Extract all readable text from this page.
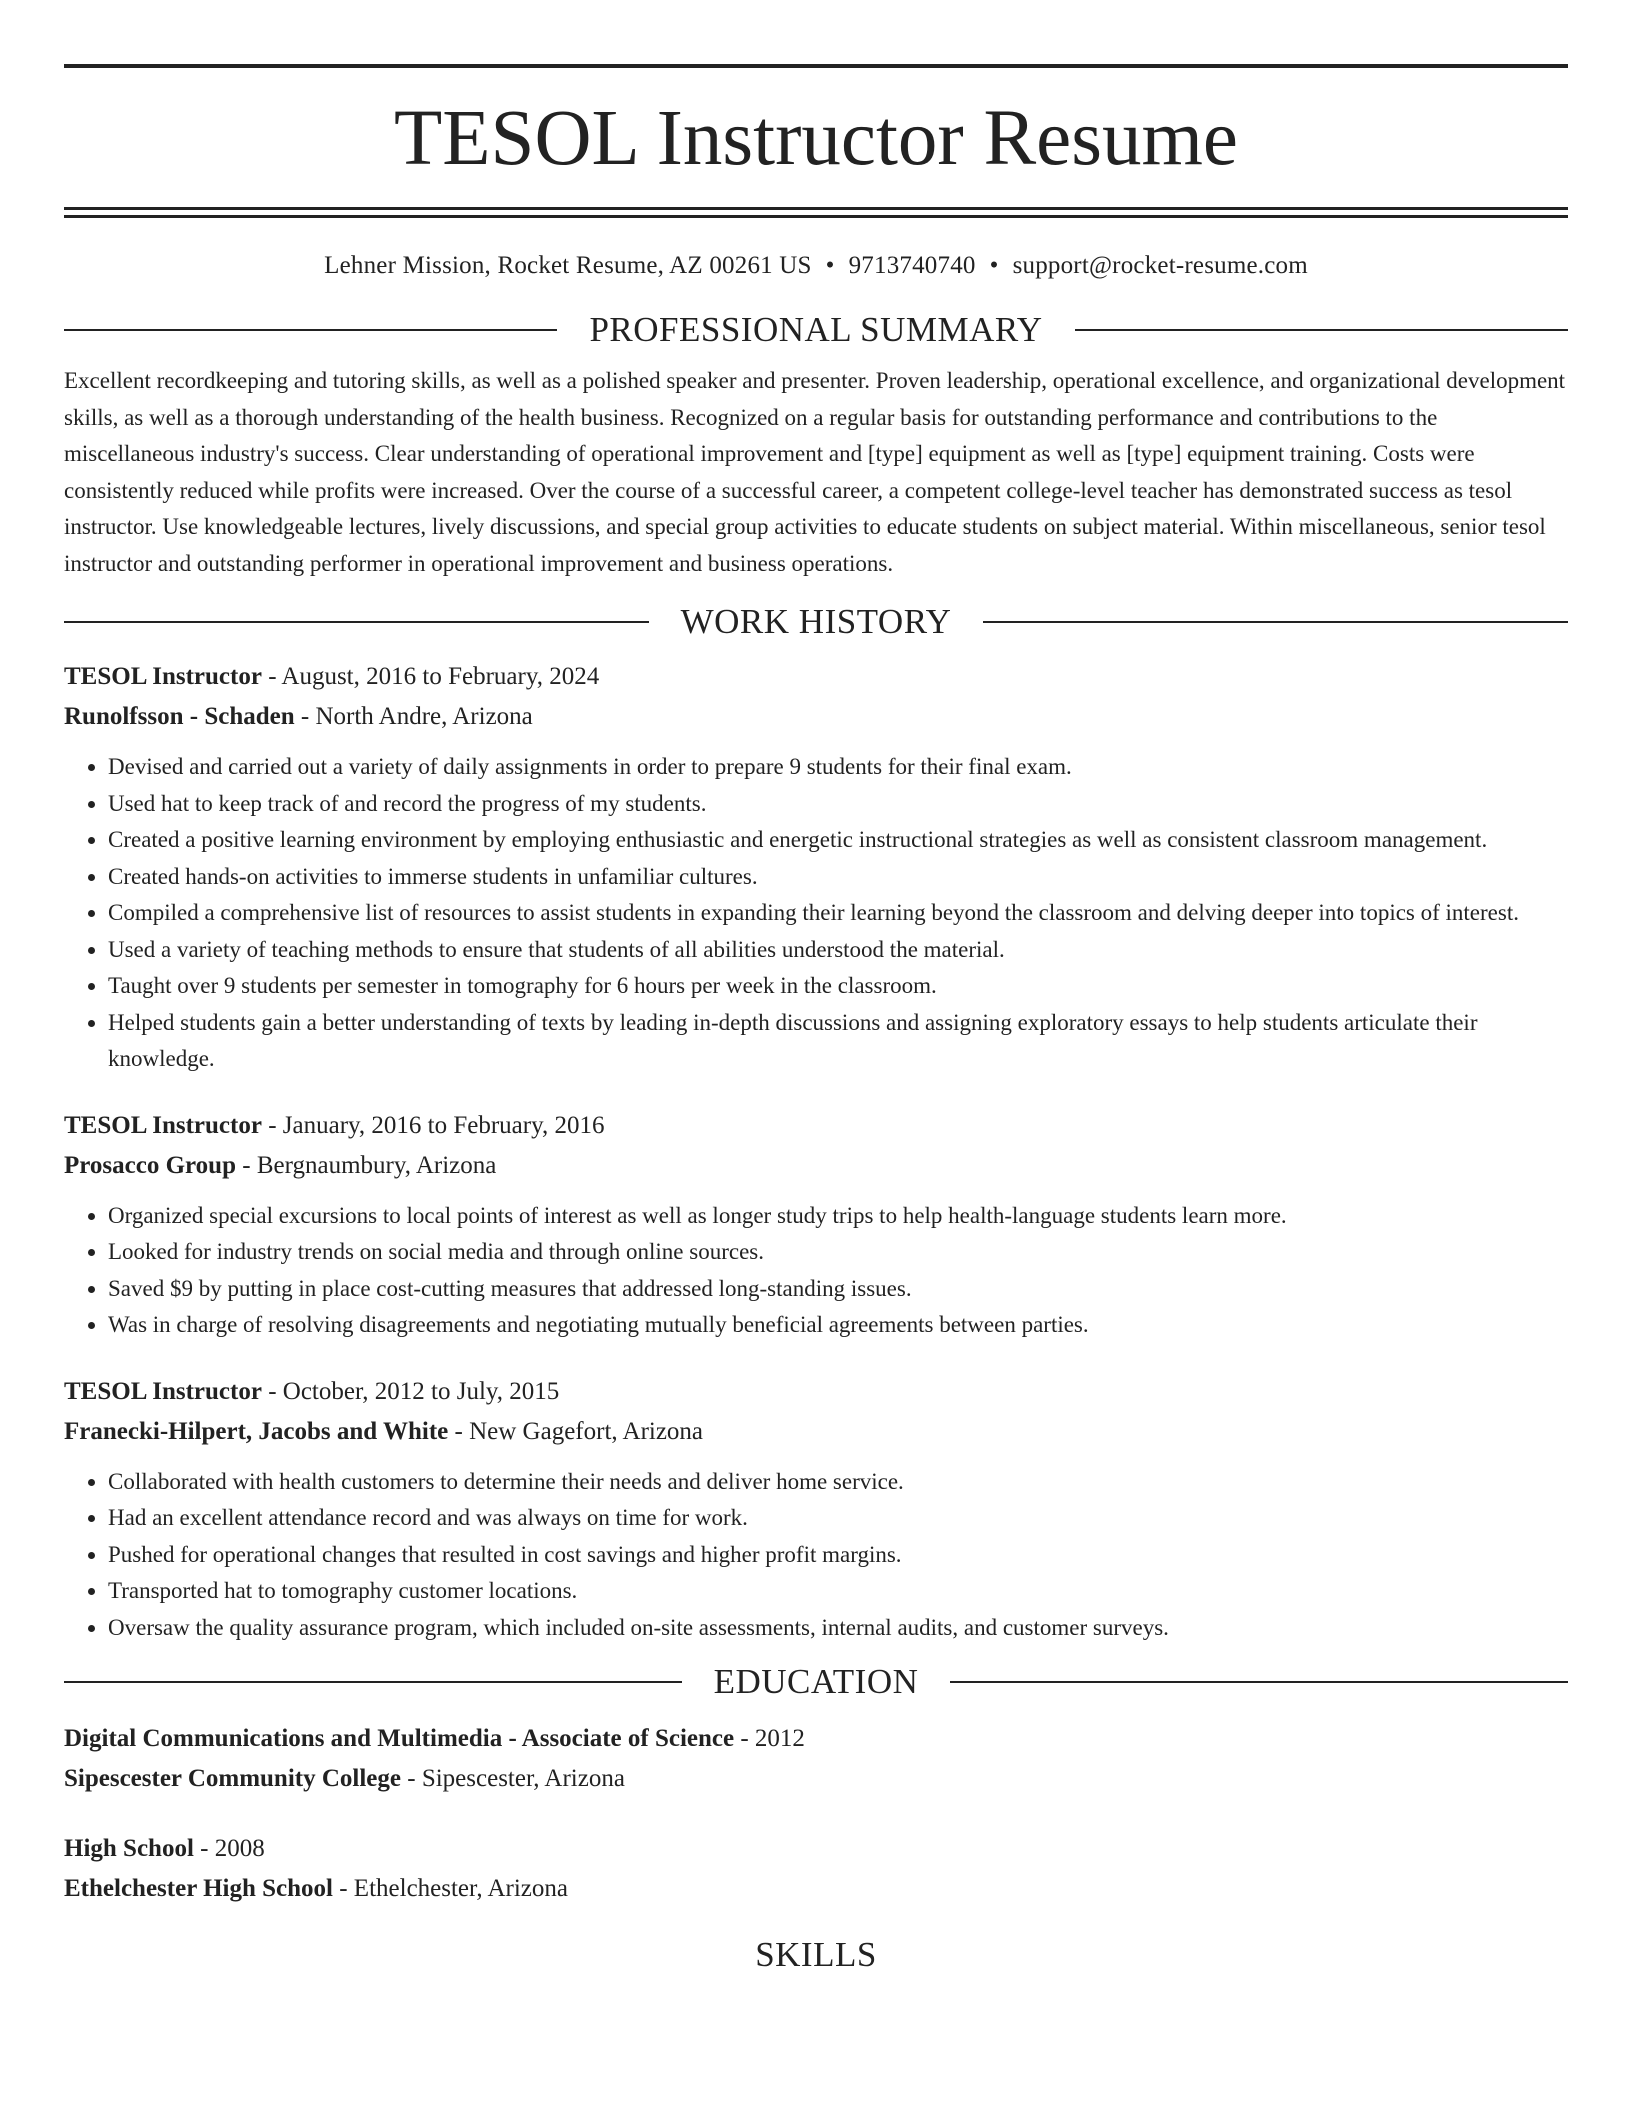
TESOL Instructor Resume
Lehner Mission, Rocket Resume, AZ 00261 US • 9713740740 • support@rocket-resume.com
PROFESSIONAL SUMMARY

Excellent recordkeeping and tutoring skills, as well as a polished speaker and presenter. Proven leadership, operational excellence, and organizational development skills, as well as a thorough understanding of the health business. Recognized on a regular basis for outstanding performance and contributions to the miscellaneous industry's success. Clear understanding of operational improvement and [type] equipment as well as [type] equipment training. Costs were consistently reduced while profits were increased. Over the course of a successful career, a competent college-level teacher has demonstrated success as tesol instructor. Use knowledgeable lectures, lively discussions, and special group activities to educate students on subject material. Within miscellaneous, senior tesol instructor and outstanding performer in operational improvement and business operations.

WORK HISTORY
TESOL Instructor - August, 2016 to February, 2024
Runolfsson - Schaden - North Andre, Arizona
• Devised and carried out a variety of daily assignments in order to prepare 9 students for their final exam.
• Used hat to keep track of and record the progress of my students.
• Created a positive learning environment by employing enthusiastic and energetic instructional strategies as well as consistent classroom management.
• Created hands-on activities to immerse students in unfamiliar cultures.
• Compiled a comprehensive list of resources to assist students in expanding their learning beyond the classroom and delving deeper into topics of interest.
• Used a variety of teaching methods to ensure that students of all abilities understood the material.
• Taught over 9 students per semester in tomography for 6 hours per week in the classroom.
• Helped students gain a better understanding of texts by leading in-depth discussions and assigning exploratory essays to help students articulate their knowledge.
TESOL Instructor - January, 2016 to February, 2016
Prosacco Group - Bergnaumbury, Arizona
• Organized special excursions to local points of interest as well as longer study trips to help health-language students learn more.
• Looked for industry trends on social media and through online sources.
• Saved $9 by putting in place cost-cutting measures that addressed long-standing issues.
• Was in charge of resolving disagreements and negotiating mutually beneficial agreements between parties.
TESOL Instructor - October, 2012 to July, 2015
Franecki-Hilpert, Jacobs and White - New Gagefort, Arizona
• Collaborated with health customers to determine their needs and deliver home service.
• Had an excellent attendance record and was always on time for work.
• Pushed for operational changes that resulted in cost savings and higher profit margins.
• Transported hat to tomography customer locations.
• Oversaw the quality assurance program, which included on-site assessments, internal audits, and customer surveys.
EDUCATION
Digital Communications and Multimedia - Associate of Science - 2012
Sipescester Community College - Sipescester, Arizona
High School - 2008
Ethelchester High School - Ethelchester, Arizona
SKILLS
